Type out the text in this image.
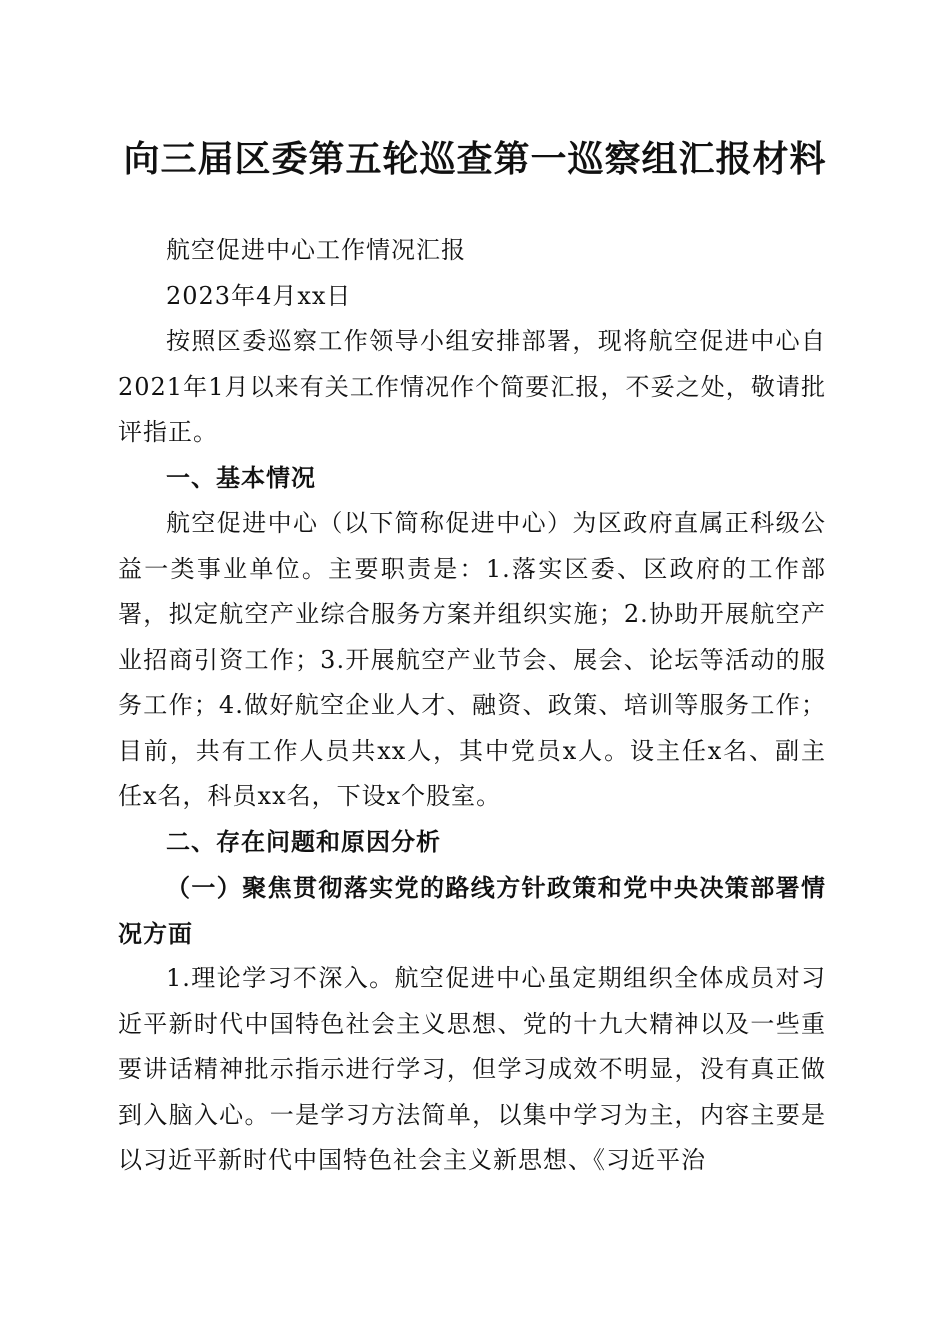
向三届区委第五轮巡查第一巡察组汇报材料

航空促进中心工作情况汇报

2023年4月xx日

按照区委巡察工作领导小组安排部署，现将航空促进中心自2021年1月以来有关工作情况作个简要汇报，不妥之处，敬请批评指正。

一、基本情况

航空促进中心（以下简称促进中心）为区政府直属正科级公益一类事业单位。主要职责是：1.落实区委、区政府的工作部署，拟定航空产业综合服务方案并组织实施；2.协助开展航空产业招商引资工作；3.开展航空产业节会、展会、论坛等活动的服务工作；4.做好航空企业人才、融资、政策、培训等服务工作；目前，共有工作人员共xx人，其中党员x人。设主任x名、副主任x名，科员xx名，下设x个股室。

二、存在问题和原因分析

（一）聚焦贯彻落实党的路线方针政策和党中央决策部署情况方面

1.理论学习不深入。航空促进中心虽定期组织全体成员对习近平新时代中国特色社会主义思想、党的十九大精神以及一些重要讲话精神批示指示进行学习，但学习成效不明显，没有真正做到入脑入心。一是学习方法简单，以集中学习为主，内容主要是以习近平新时代中国特色社会主义新思想、《习近平治
